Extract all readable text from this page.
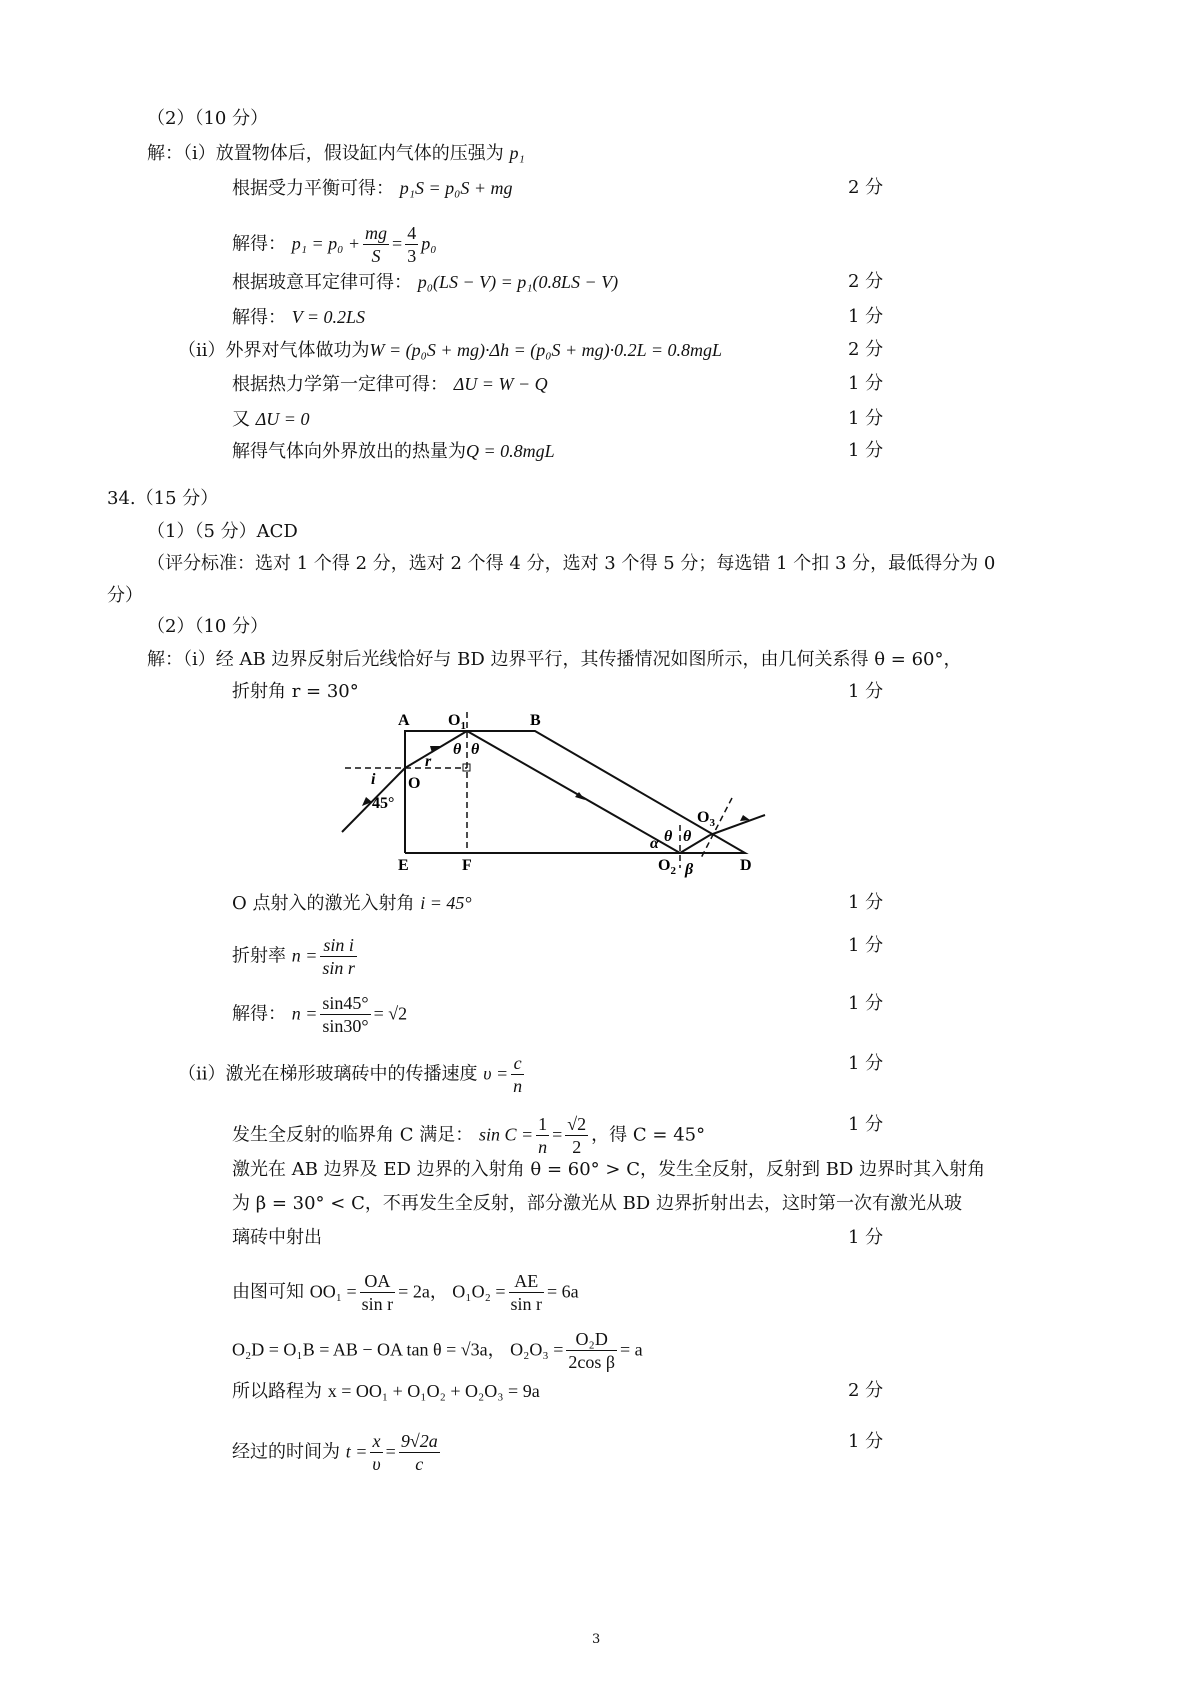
（2）（10 分）
解：（ⅰ）放置物体后，假设缸内气体的压强为 p₁
根据受力平衡可得： p₁S = p₀S + mg	2 分
解得： $p_1 = p_0 + \frac{mg}{S} = \frac{4}{3} p_0$
根据玻意耳定律可得： p₀(LS − V) = p₁(0.8LS − V)	2 分
解得： V = 0.2LS	1 分
（ⅱ）外界对气体做功为W = (p₀S + mg)·Δh = (p₀S + mg)·0.2L = 0.8mgL	2 分
根据热力学第一定律可得： ΔU = W − Q	1 分
又 ΔU = 0	1 分
解得气体向外界放出的热量为Q = 0.8mgL	1 分
34.（15 分）
（1）（5 分）ACD
（评分标准：选对 1 个得 2 分，选对 2 个得 4 分，选对 3 个得 5 分；每选错 1 个扣 3 分，最低得分为 0
分）
（2）（10 分）
解：（ⅰ）经 AB 边界反射后光线恰好与 BD 边界平行，其传播情况如图所示，由几何关系得 θ = 60°，
折射角 r = 30°	1 分
A $O_1$	B
O
i
r
45°
θ θ
θ θ
α
β
E	F	$O_2$
$O_3$
D
O 点射入的激光入射角 i = 45°	1 分
折射率 $n = \frac{\text{sin i}}{\text{sin r}}$	1 分
解得： $n = \frac{\sin 45^\circ}{\sin 30^\circ} = √2$	1 分
（ⅱ）激光在梯形玻璃砖中的传播速度 $\upsilon = \frac{c}{n}$	1 分
发生全反射的临界角 C 满足： $\sin C = \frac{1}{n} = \frac{√2}{2}$ ，得 C = 45°	1 分
激光在 AB 边界及 ED 边界的入射角 θ = 60° > C，发生全反射，反射到 BD 边界时其入射角
为 β = 30° < C，不再发生全反射，部分激光从 BD 边界折射出去，这时第一次有激光从玻
璃砖中射出	1 分
由图可知 $OO_1 = \frac{OA}{\text{sin r}} = 2a$， $O_1O_2 = \frac{AE}{\text{sin r}} = 6a$
O₂D = O₁B = AB − OA tan θ = √3a， $O_2O_3 = \frac{\text{O₂D}}{\text{2cos β}} = a$
所以路程为 x = OO₁ + O₁O₂ + O₂O₃ = 9a	2 分
经过的时间为 $t = \frac{x}{\upsilon} = \frac{9√2a}{c}$	1 分
3
